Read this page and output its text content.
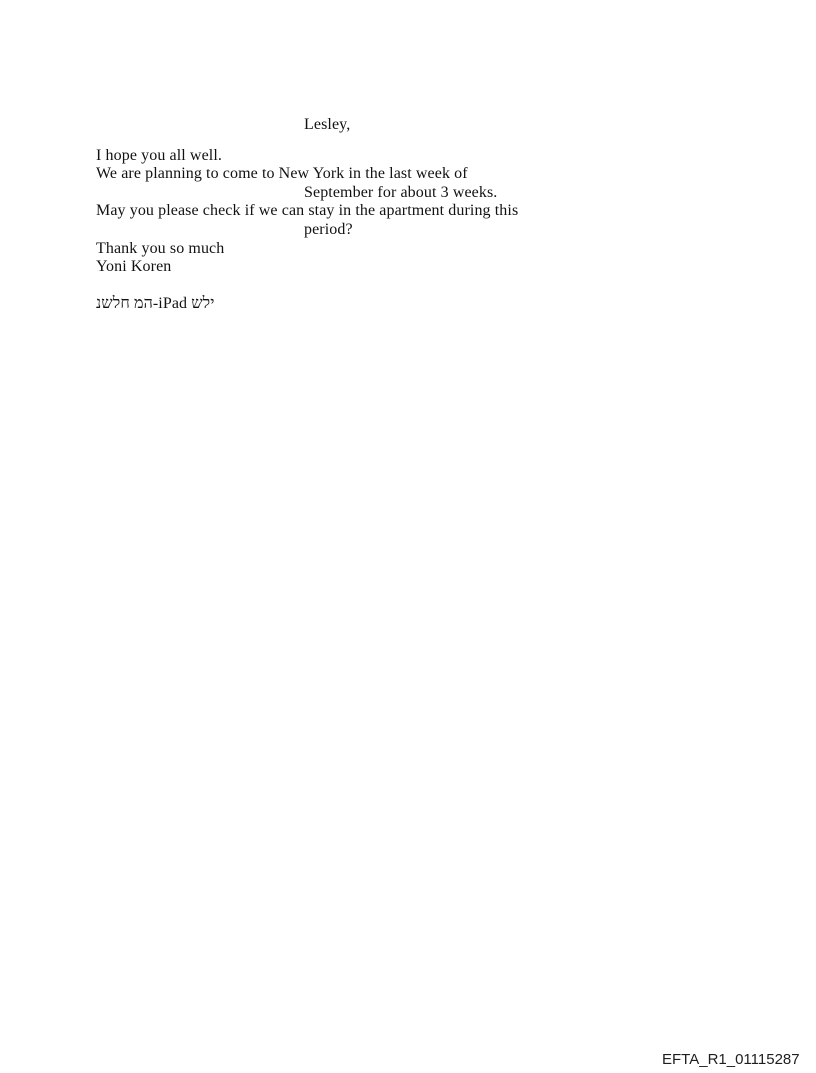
Lesley,
I hope you all well.
We are planning to come to New York in the last week of
September for about 3 weeks.
May you please check if we can stay in the apartment during this
period?
Thank you so much
Yoni Koren
נשלח מה-iPad שלי
EFTA_R1_01115287
